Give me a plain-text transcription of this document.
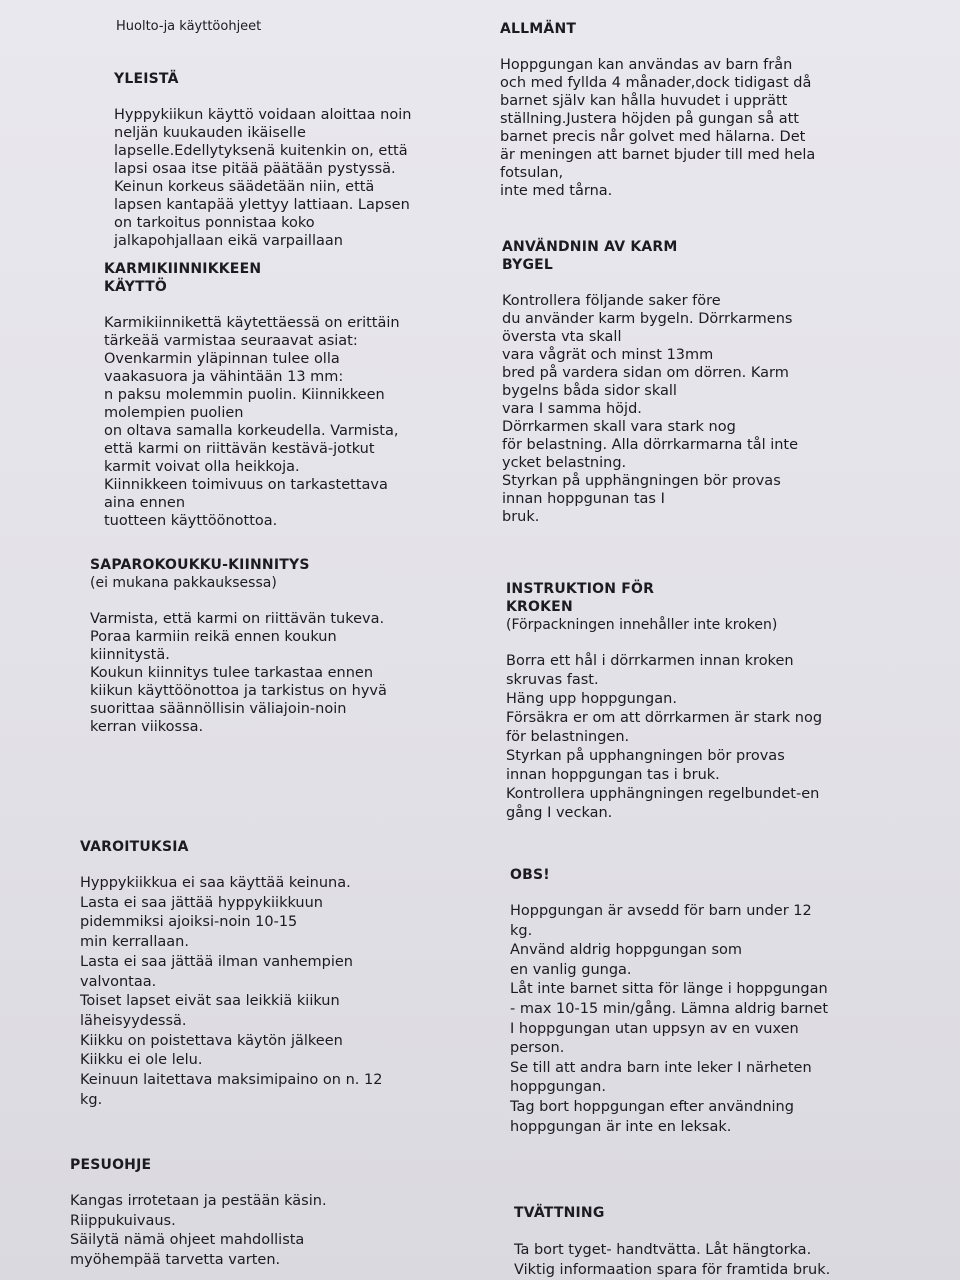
Huolto-ja käyttöohjeet

YLEISTÄ

Hyppykiikun käyttö voidaan aloittaa noin
neljän kuukauden ikäiselle
lapselle.Edellytyksenä kuitenkin on, että
lapsi osaa itse pitää päätään pystyssä.
Keinun korkeus säädetään niin, että
lapsen kantapää ylettyy lattiaan. Lapsen
on tarkoitus ponnistaa koko
jalkapohjallaan eikä varpaillaan

KARMIKIINNIKKEEN

KÄYTTÖ

Karmikiinnikettä käytettäessä on erittäin
tärkeää varmistaa seuraavat asiat:
Ovenkarmin yläpinnan tulee olla
vaakasuora ja vähintään 13 mm:
n paksu molemmin puolin. Kiinnikkeen
molempien puolien
on oltava samalla korkeudella. Varmista,
että karmi on riittävän kestävä-jotkut
karmit voivat olla heikkoja.
Kiinnikkeen toimivuus on tarkastettava
aina ennen
tuotteen käyttöönottoa.

SAPAROKOUKKU-KIINNITYS

(ei mukana pakkauksessa)

Varmista, että karmi on riittävän tukeva.
Poraa karmiin reikä ennen koukun
kiinnitystä.
Koukun kiinnitys tulee tarkastaa ennen
kiikun käyttöönottoa ja tarkistus on hyvä
suorittaa säännöllisin väliajoin-noin
kerran viikossa.

VAROITUKSIA

Hyppykiikkua ei saa käyttää keinuna.
Lasta ei saa jättää hyppykiikkuun
pidemmiksi ajoiksi-noin 10-15
min kerrallaan.
Lasta ei saa jättää ilman vanhempien
valvontaa.
Toiset lapset eivät saa leikkiä kiikun
läheisyydessä.
Kiikku on poistettava käytön jälkeen
Kiikku ei ole lelu.
Keinuun laitettava maksimipaino on n. 12
kg.

PESUOHJE

Kangas irrotetaan ja pestään käsin.
Riippukuivaus.
Säilytä nämä ohjeet mahdollista
myöhempää tarvetta varten.

ALLMÄNT

Hoppgungan kan användas av barn från
och med fyllda 4 månader,dock tidigast då
barnet själv kan hålla huvudet i upprätt
ställning.Justera höjden på gungan så att
barnet precis når golvet med hälarna. Det
är meningen att barnet bjuder till med hela
fotsulan,
inte med tårna.

ANVÄNDNIN AV KARM

BYGEL

Kontrollera följande saker före
du använder karm bygeln. Dörrkarmens
översta vta skall
vara vågrät och minst 13mm
bred på vardera sidan om dörren. Karm
bygelns båda sidor skall
vara I samma höjd.
Dörrkarmen skall vara stark nog
för belastning. Alla dörrkarmarna tål inte
ycket belastning.
Styrkan på upphängningen bör provas
innan hoppgunan tas I
bruk.

INSTRUKTION FÖR

KROKEN

(Förpackningen innehåller inte kroken)

Borra ett hål i dörrkarmen innan kroken
skruvas fast.
Häng upp hoppgungan.
Försäkra er om att dörrkarmen är stark nog
för belastningen.
Styrkan på upphangningen bör provas
innan hoppgungan tas i bruk.
Kontrollera upphängningen regelbundet-en
gång I veckan.

OBS!

Hoppgungan är avsedd för barn under 12
kg.
Använd aldrig hoppgungan som
en vanlig gunga.
Låt inte barnet sitta för länge i hoppgungan
- max 10-15 min/gång. Lämna aldrig barnet
I hoppgungan utan uppsyn av en vuxen
person.
Se till att andra barn inte leker I närheten
hoppgungan.
Tag bort hoppgungan efter användning
hoppgungan är inte en leksak.

TVÄTTNING

Ta bort tyget- handtvätta. Låt hängtorka.
Viktig informaation spara för framtida bruk.
